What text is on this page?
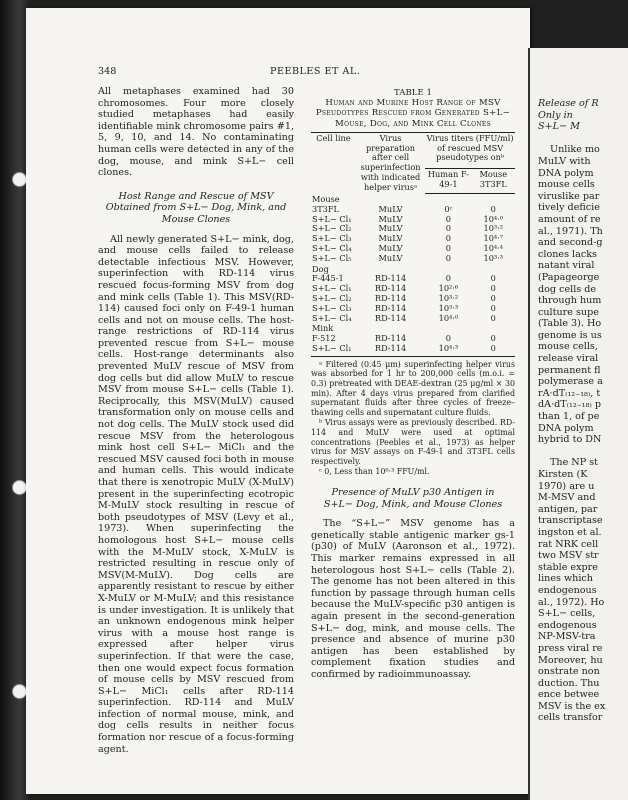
348	PEEBLES ET AL.

All metaphases examined had 30 chromosomes. Four more closely studied metaphases had easily identifiable mink chromosome pairs #1, 5, 9, 10, and 14. No contaminating human cells were detected in any of the dog, mouse, and mink S+L− cell clones.

Host Range and Rescue of MSV Obtained from S+L− Dog, Mink, and Mouse Clones

All newly generated S+L− mink, dog, and mouse cells failed to release detectable infectious MSV. However, superinfection with RD-114 virus rescued focus-forming MSV from dog and mink cells (Table 1). This MSV(RD-114) caused foci only on F-49-1 human cells and not on mouse cells. The host-range restrictions of RD-114 virus prevented rescue from S+L− mouse cells. Host-range determinants also prevented MuLV rescue of MSV from dog cells but did allow MuLV to rescue MSV from mouse S+L− cells (Table 1). Reciprocally, this MSV(MuLV) caused transformation only on mouse cells and not dog cells. The MuLV stock used did rescue MSV from the heterologous mink host cell S+L− MiCl₁ and the rescued MSV caused foci both in mouse and human cells. This would indicate that there is xenotropic MuLV (X-MuLV) present in the superinfecting ecotropic M-MuLV stock resulting in rescue of both pseudotypes of MSV (Levy et al., 1973). When superinfecting the homologous host S+L− mouse cells with the M-MuLV stock, X-MuLV is restricted resulting in rescue only of MSV(M-MuLV). Dog cells are apparently resistant to rescue by either X-MuLV or M-MuLV; and this resistance is under investigation. It is unlikely that an unknown endogenous mink helper virus with a mouse host range is expressed after helper virus superinfection. If that were the case, then one would expect focus formation of mouse cells by MSV rescued from S+L− MiCl₁ cells after RD-114 superinfection. RD-114 and MuLV infection of normal mouse, mink, and dog cells results in neither focus formation nor rescue of a focus-forming agent.

TABLE 1
Human and Murine Host Range of MSV Pseudotypes Rescued from Generated S+L− Mouse, Dog, and Mink Cell Clones
Cell line	Virus preparation after cell superinfection with indicated helper virusᵃ	Virus titers (FFU/ml) of rescued MSV pseudotypes onᵇ	
		Human F-49-1	Mouse 3T3FL
Mouse			
3T3FL	MuLV	0ᶜ	0
S+L− Cl₁	MuLV	0	10⁴·⁰
S+L− Cl₂	MuLV	0	10³·²
S+L− Cl₃	MuLV	0	10⁴·⁷
S+L− Cl₄	MuLV	0	10⁴·⁴
S+L− Cl₅	MuLV	0	10³·³
Dog			
F-445-1	RD-114	0	0
S+L− Cl₁	RD-114	10²·⁶	0
S+L− Cl₂	RD-114	10³·²	0
S+L− Cl₃	RD-114	10³·³	0
S+L− Cl₄	RD-114	10⁴·⁰	0
Mink			
F-512	RD-114	0	0
S+L− Cl₁	RD-114	10⁴·³	0

ᵃ Filtered (0.45 μm) superinfecting helper virus was absorbed for 1 hr to 200,000 cells (m.o.i. = 0.3) pretreated with DEAE-dextran (25 μg/ml × 30 min). After 4 days virus prepared from clarified supernatant fluids after three cycles of freeze–thawing cells and supernatant culture fluids.

ᵇ Virus assays were as previously described. RD-114 and MuLV were used at optimal concentrations (Peebles et al., 1973) as helper virus for MSV assays on F-49-1 and 3T3FL cells respectively.

ᶜ 0, Less than 10⁰·³ FFU/ml.

Presence of MuLV p30 Antigen in S+L− Dog, Mink, and Mouse Clones

The “S+L−” MSV genome has a genetically stable antigenic marker gs-1 (p30) of MuLV (Aaronson et al., 1972). This marker remains expressed in all heterologous host S+L− cells (Table 2). The genome has not been altered in this function by passage through human cells because the MuLV-specific p30 antigen is again present in the second-generation S+L− dog, mink, and mouse cells. The presence and absence of murine p30 antigen has been established by complement fixation studies and confirmed by radioimmunoassay.

Release of R
Only in
S+L− M

Unlike mo
MuLV with
DNA polym
mouse cells
viruslike par
tively deficie
amount of re
al., 1971). Th
and second-g
clones lacks
natant viral
(Papageorge
dog cells de
through hum
culture supe
(Table 3). Ho
genome is us
mouse cells,
release viral
permanent fl
polymerase a
rA·dT₍₁₂₋₁₈₎, t
dA·dT₍₁₂₋₁₈₎ p
than 1, of pe
DNA polym
hybrid to DN

The NP st
Kirsten (K
1970) are u
M-MSV and
antigen, par
transcriptase
ingston et al.
rat NRK cell
two MSV str
stable expre
lines which
endogenous
al., 1972). Ho
S+L− cells,
endogenous
NP-MSV-tra
press viral re
Moreover, hu
onstrate non
duction. Thu
ence betwee
MSV is the ex
cells transfor
